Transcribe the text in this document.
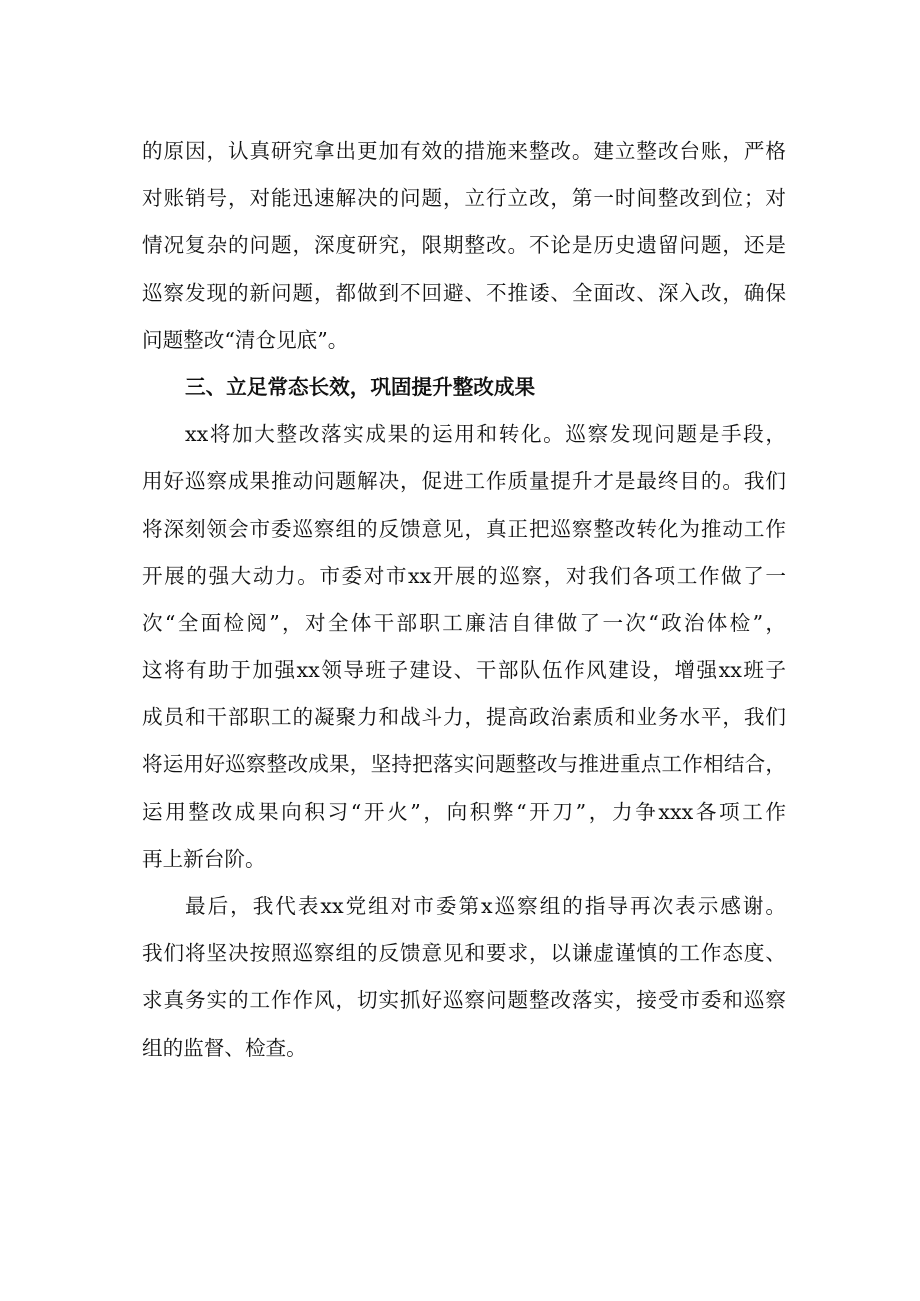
的原因，认真研究拿出更加有效的措施来整改。建立整改台账，严格
对账销号，对能迅速解决的问题，立行立改，第一时间整改到位；对
情况复杂的问题，深度研究，限期整改。不论是历史遗留问题，还是
巡察发现的新问题，都做到不回避、不推诿、全面改、深入改，确保
问题整改“清仓见底”。
三、立足常态长效，巩固提升整改成果
xx将加大整改落实成果的运用和转化。巡察发现问题是手段，
用好巡察成果推动问题解决，促进工作质量提升才是最终目的。我们
将深刻领会市委巡察组的反馈意见，真正把巡察整改转化为推动工作
开展的强大动力。市委对市xx开展的巡察，对我们各项工作做了一
次“全面检阅”，对全体干部职工廉洁自律做了一次“政治体检”，
这将有助于加强xx领导班子建设、干部队伍作风建设，增强xx班子
成员和干部职工的凝聚力和战斗力，提高政治素质和业务水平，我们
将运用好巡察整改成果，坚持把落实问题整改与推进重点工作相结合，
运用整改成果向积习“开火”，向积弊“开刀”，力争xxx各项工作
再上新台阶。
最后，我代表xx党组对市委第x巡察组的指导再次表示感谢。
我们将坚决按照巡察组的反馈意见和要求，以谦虚谨慎的工作态度、
求真务实的工作作风，切实抓好巡察问题整改落实，接受市委和巡察
组的监督、检查。
